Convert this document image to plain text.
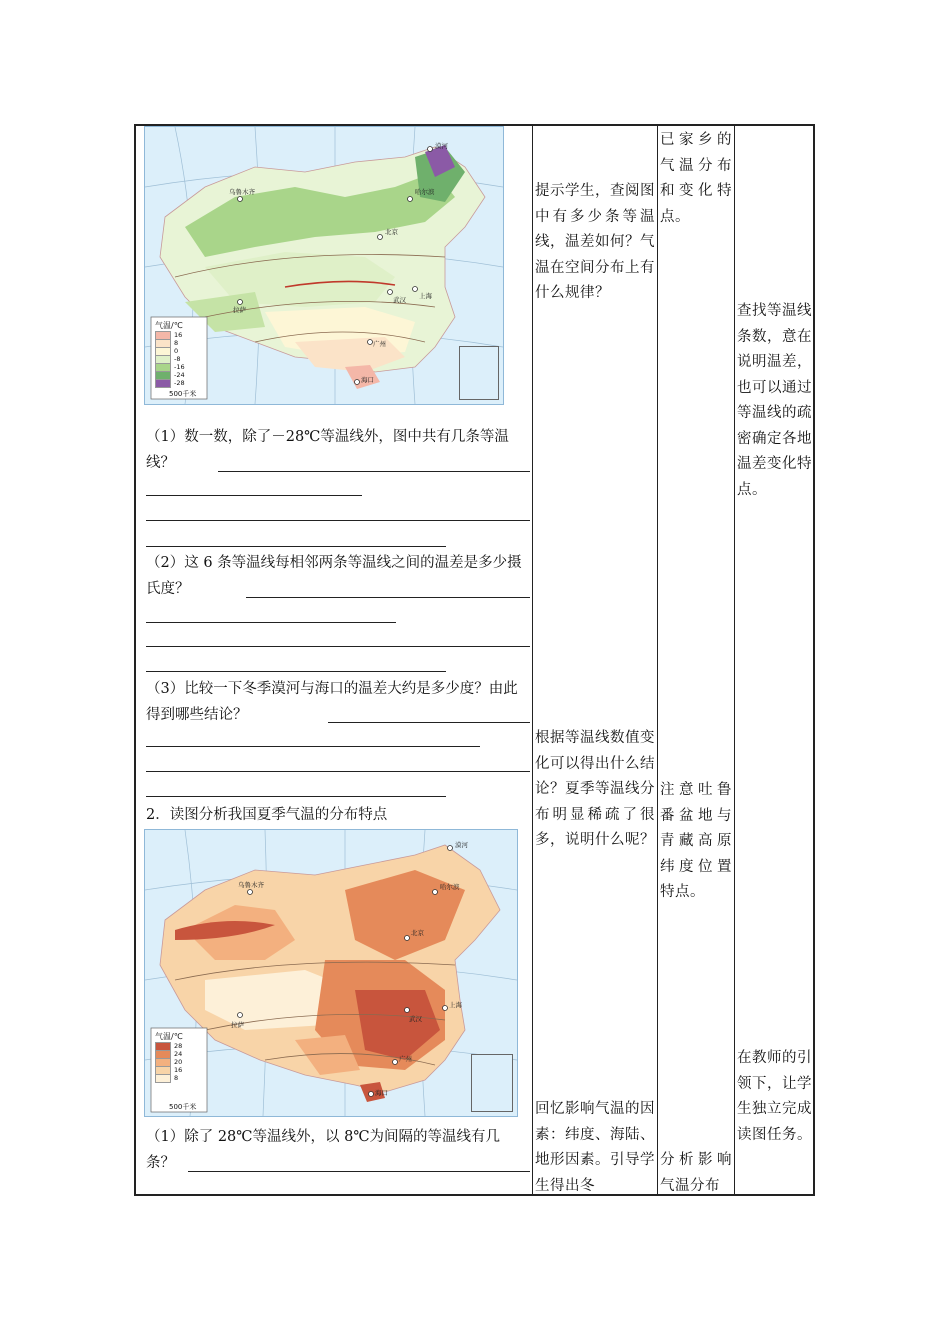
气温/℃
16
8
0
-8
-16
-24
-28
500千米
乌鲁木齐	哈尔滨
北京
武汉 上海
拉萨
广州
海口
漠河
（1）数一数，除了－28℃等温线外，图中共有几条等温线？
（2）这 6 条等温线每相邻两条等温线之间的温差是多少摄氏度？
（3）比较一下冬季漠河与海口的温差大约是多少度？由此得到哪些结论？
2．读图分析我国夏季气温的分布特点
气温/℃
28
24
20
16
8
500千米
乌鲁木齐	哈尔滨
北京
武汉
上海
拉萨
广州
海口
漠河
（1）除了 28℃等温线外，以 8℃为间隔的等温线有几条？
提示学生，查阅图中有多少条等温线，温差如何？气温在空间分布上有什么规律？
根据等温线数值变化可以得出什么结论？夏季等温线分布明显稀疏了很多，说明什么呢？
回忆影响气温的因素：纬度、海陆、地形因素。引导学生得出冬
已家乡的气温分布和变化特点。
注意吐鲁番盆地与青藏高原纬度位置特点。
分析影响气温分布
查找等温线条数，意在说明温差，也可以通过等温线的疏密确定各地温差变化特点。
在教师的引领下，让学生独立完成读图任务。
